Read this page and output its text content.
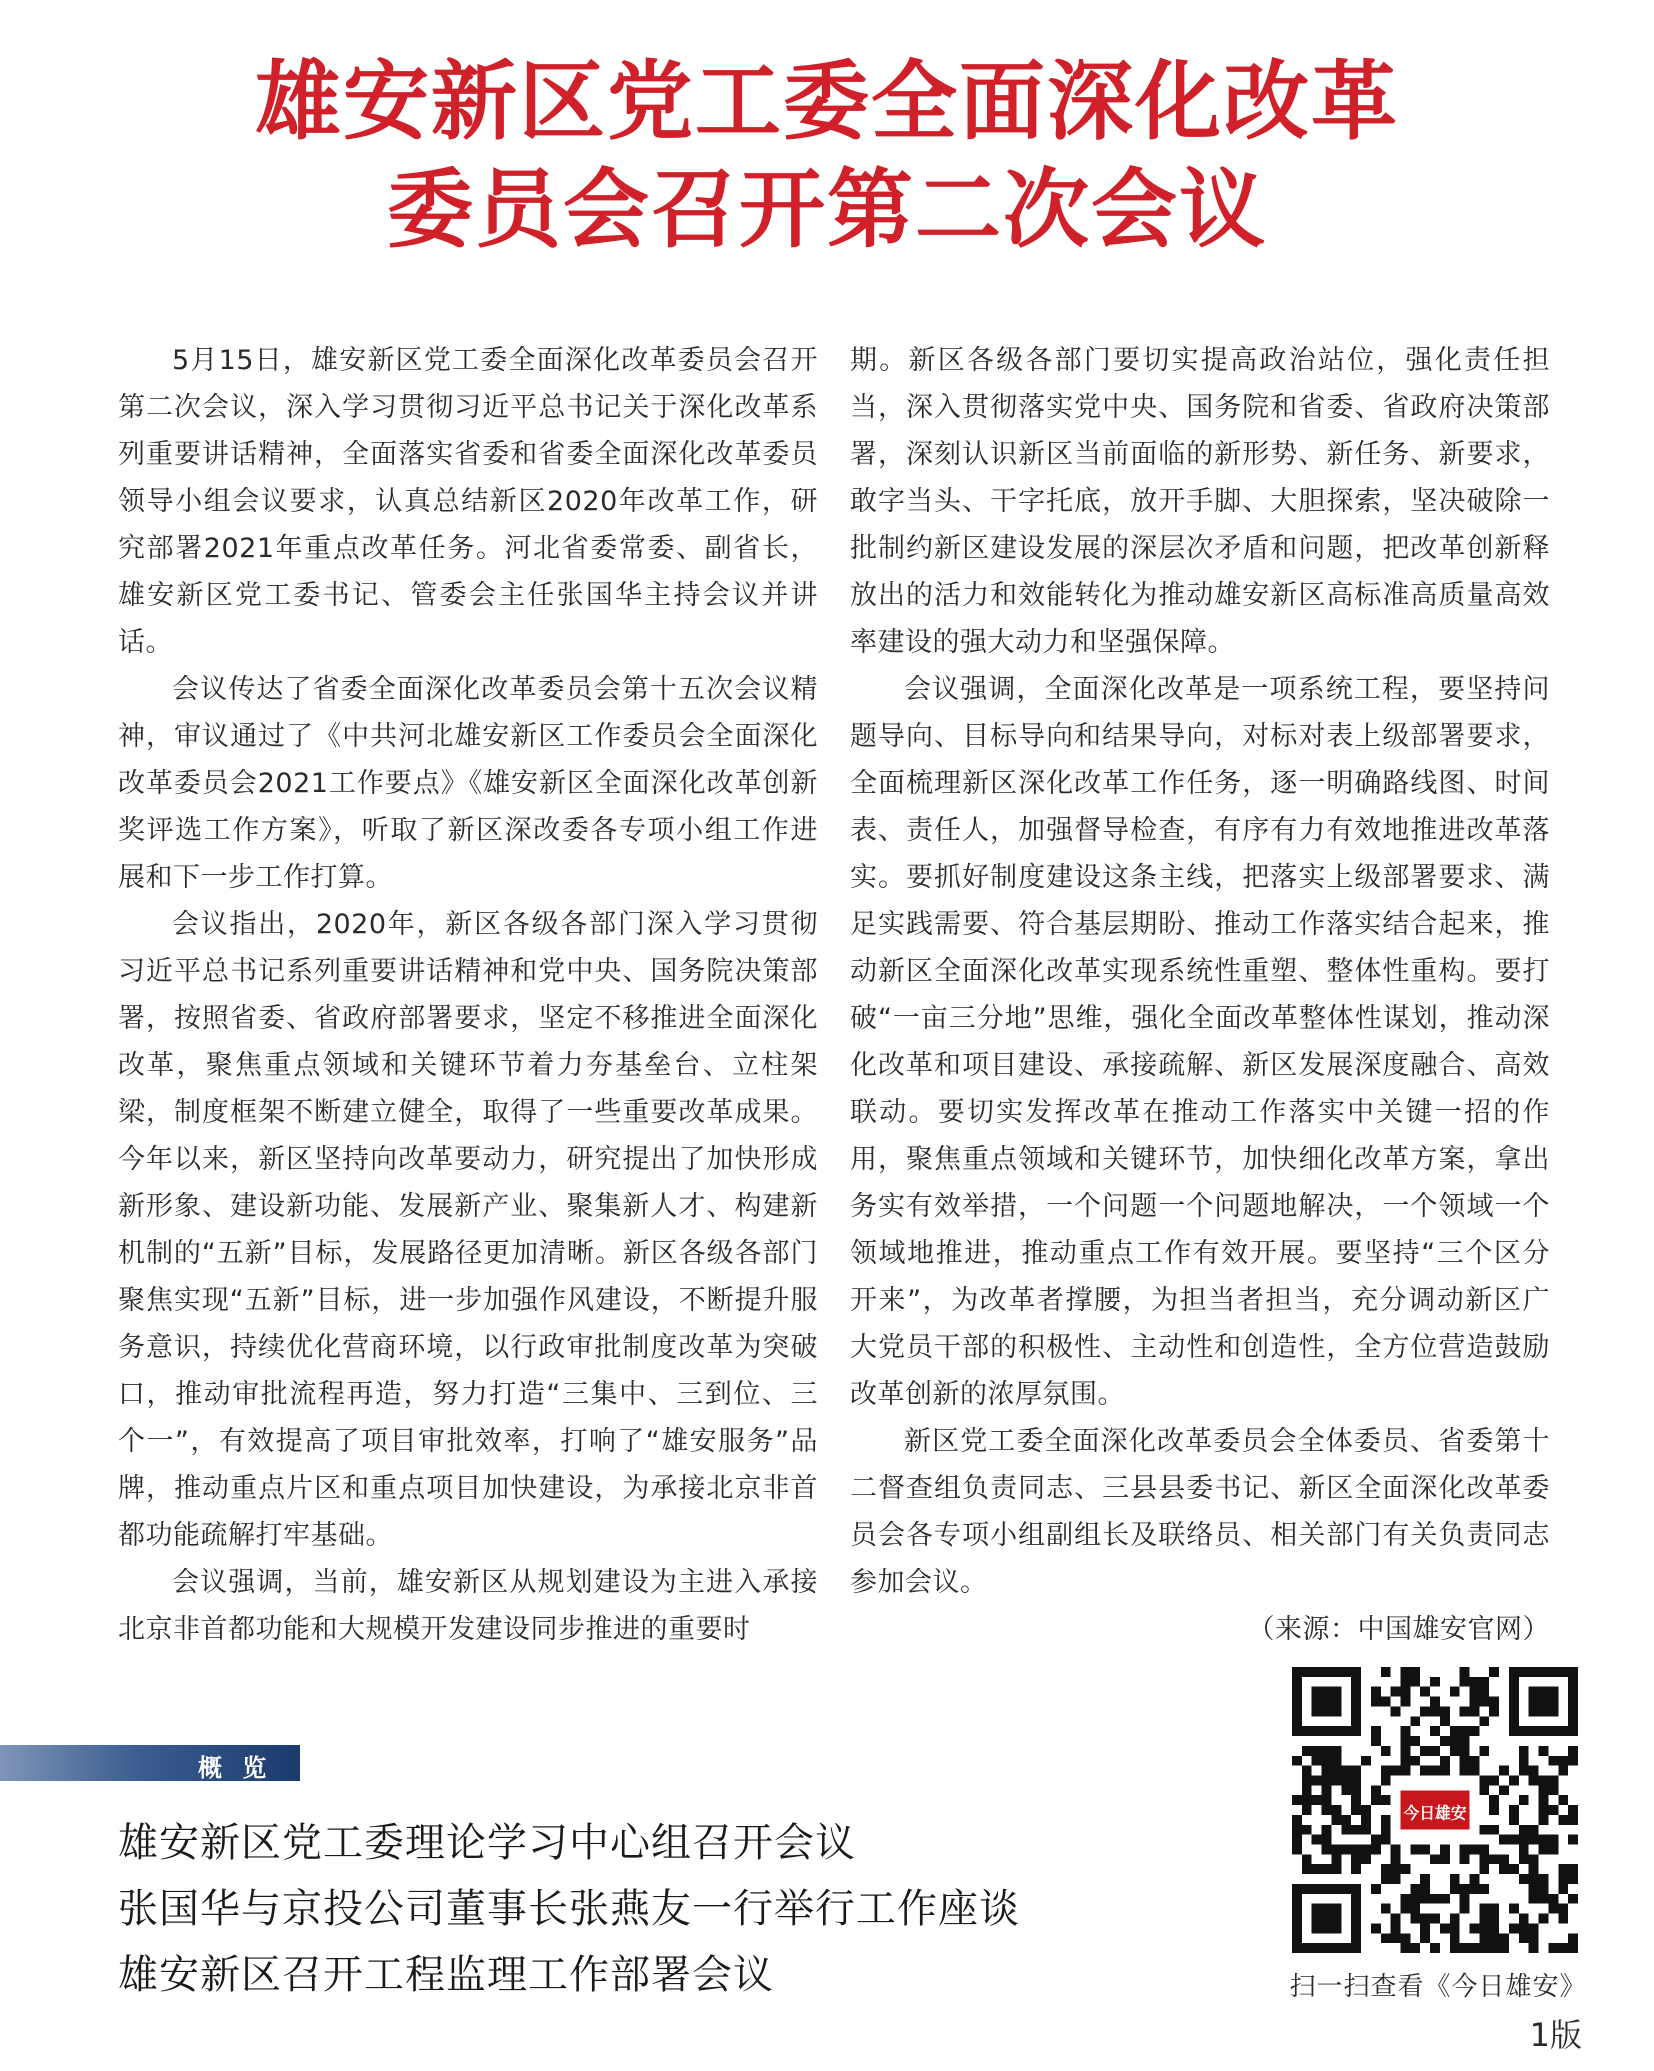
雄安新区党工委全面深化改革
委员会召开第二次会议

5月15日，雄安新区党工委全面深化改革委员会召开第二次会议，深入学习贯彻习近平总书记关于深化改革系列重要讲话精神，全面落实省委和省委全面深化改革委员领导小组会议要求，认真总结新区2020年改革工作，研究部署2021年重点改革任务。河北省委常委、副省长，雄安新区党工委书记、管委会主任张国华主持会议并讲话。

会议传达了省委全面深化改革委员会第十五次会议精神，审议通过了《中共河北雄安新区工作委员会全面深化改革委员会2021工作要点》《雄安新区全面深化改革创新奖评选工作方案》，听取了新区深改委各专项小组工作进展和下一步工作打算。

会议指出，2020年，新区各级各部门深入学习贯彻习近平总书记系列重要讲话精神和党中央、国务院决策部署，按照省委、省政府部署要求，坚定不移推进全面深化改革，聚焦重点领域和关键环节着力夯基垒台、立柱架梁，制度框架不断建立健全，取得了一些重要改革成果。今年以来，新区坚持向改革要动力，研究提出了加快形成新形象、建设新功能、发展新产业、聚集新人才、构建新机制的“五新”目标，发展路径更加清晰。新区各级各部门聚焦实现“五新”目标，进一步加强作风建设，不断提升服务意识，持续优化营商环境，以行政审批制度改革为突破口，推动审批流程再造，努力打造“三集中、三到位、三个一”，有效提高了项目审批效率，打响了“雄安服务”品牌，推动重点片区和重点项目加快建设，为承接北京非首都功能疏解打牢基础。

会议强调，当前，雄安新区从规划建设为主进入承接北京非首都功能和大规模开发建设同步推进的重要时

期。新区各级各部门要切实提高政治站位，强化责任担当，深入贯彻落实党中央、国务院和省委、省政府决策部署，深刻认识新区当前面临的新形势、新任务、新要求，敢字当头、干字托底，放开手脚、大胆探索，坚决破除一批制约新区建设发展的深层次矛盾和问题，把改革创新释放出的活力和效能转化为推动雄安新区高标准高质量高效率建设的强大动力和坚强保障。

会议强调，全面深化改革是一项系统工程，要坚持问题导向、目标导向和结果导向，对标对表上级部署要求，全面梳理新区深化改革工作任务，逐一明确路线图、时间表、责任人，加强督导检查，有序有力有效地推进改革落实。要抓好制度建设这条主线，把落实上级部署要求、满足实践需要、符合基层期盼、推动工作落实结合起来，推动新区全面深化改革实现系统性重塑、整体性重构。要打破“一亩三分地”思维，强化全面改革整体性谋划，推动深化改革和项目建设、承接疏解、新区发展深度融合、高效联动。要切实发挥改革在推动工作落实中关键一招的作用，聚焦重点领域和关键环节，加快细化改革方案，拿出务实有效举措，一个问题一个问题地解决，一个领域一个领域地推进，推动重点工作有效开展。要坚持“三个区分开来”，为改革者撑腰，为担当者担当，充分调动新区广大党员干部的积极性、主动性和创造性，全方位营造鼓励改革创新的浓厚氛围。

新区党工委全面深化改革委员会全体委员、省委第十二督查组负责同志、三县县委书记、新区全面深化改革委员会各专项小组副组长及联络员、相关部门有关负责同志参加会议。

（来源：中国雄安官网）

概 览
雄安新区党工委理论学习中心组召开会议
张国华与京投公司董事长张燕友一行举行工作座谈
雄安新区召开工程监理工作部署会议
今日雄安
扫一扫查看《今日雄安》
1版
